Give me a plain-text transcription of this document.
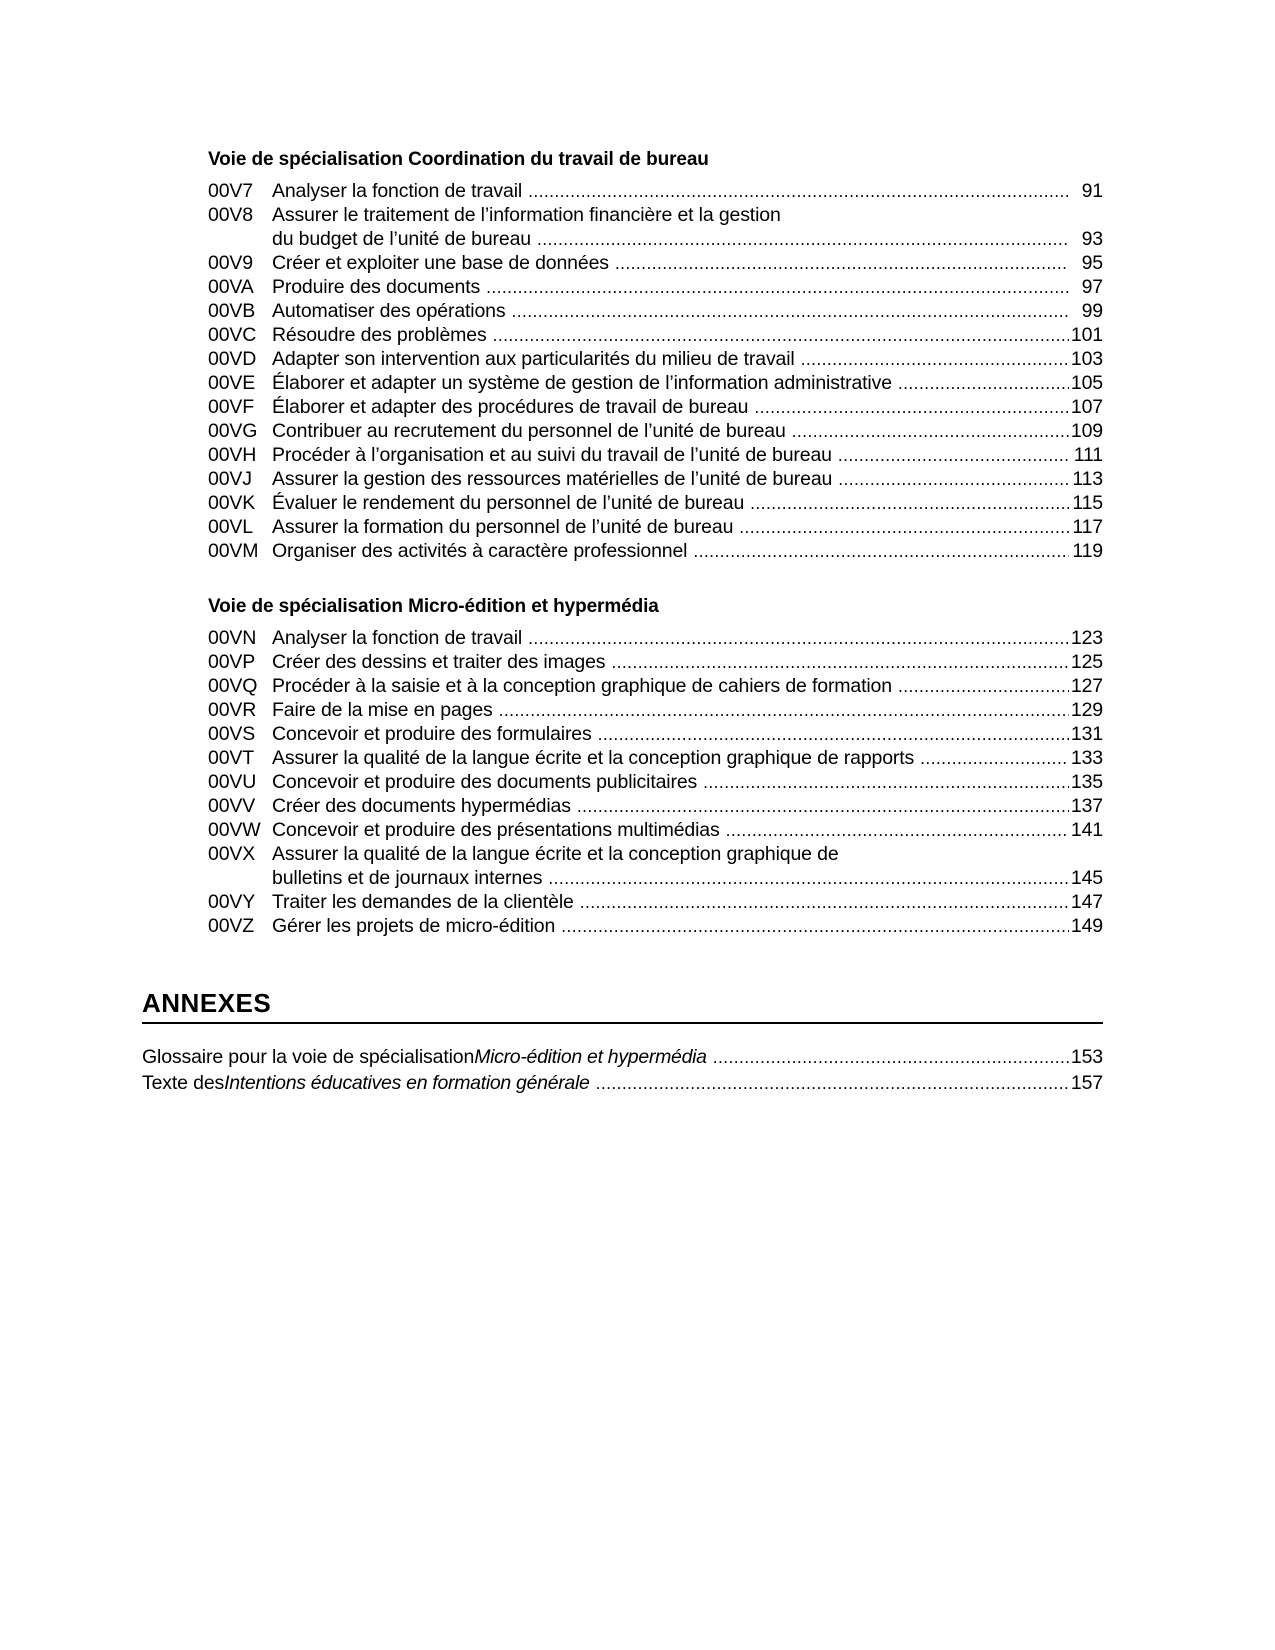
Voie de spécialisation Coordination du travail de bureau
00V7 Analyser la fonction de travail .....	91
00V8 Assurer le traitement de l’information financière et la gestion
du budget de l’unité de bureau .....	93
00V9 Créer et exploiter une base de données .....	95
00VA Produire des documents .....	97
00VB Automatiser des opérations .....	99
00VC Résoudre des problèmes .....	101
00VD Adapter son intervention aux particularités du milieu de travail .....	103
00VE Élaborer et adapter un système de gestion de l’information administrative .....	105
00VF Élaborer et adapter des procédures de travail de bureau .....	107
00VG Contribuer au recrutement du personnel de l’unité de bureau .....	109
00VH Procéder à l’organisation et au suivi du travail de l’unité de bureau .....	111
00VJ	Assurer la gestion des ressources matérielles de l’unité de bureau .....	113
00VK Évaluer le rendement du personnel de l’unité de bureau .....	115
00VL Assurer la formation du personnel de l’unité de bureau .....	117
00VM Organiser des activités à caractère professionnel .....	119
Voie de spécialisation Micro-édition et hypermédia
00VN Analyser la fonction de travail .....	123
00VP Créer des dessins et traiter des images .....	125
00VQ Procéder à la saisie et à la conception graphique de cahiers de formation .....	127
00VR Faire de la mise en pages .....	129
00VS Concevoir et produire des formulaires .....	131
00VT Assurer la qualité de la langue écrite et la conception graphique de rapports .....	133
00VU Concevoir et produire des documents publicitaires .....	135
00VV Créer des documents hypermédias .....	137
00VW Concevoir et produire des présentations multimédias .....	141
00VX Assurer la qualité de la langue écrite et la conception graphique de
bulletins et de journaux internes .....	145
00VY Traiter les demandes de la clientèle .....	147
00VZ Gérer les projets de micro-édition .....	149
ANNEXES
Glossaire pour la voie de spécialisation Micro-édition et hypermédia .....	153
Texte des Intentions éducatives en formation générale .....	157
